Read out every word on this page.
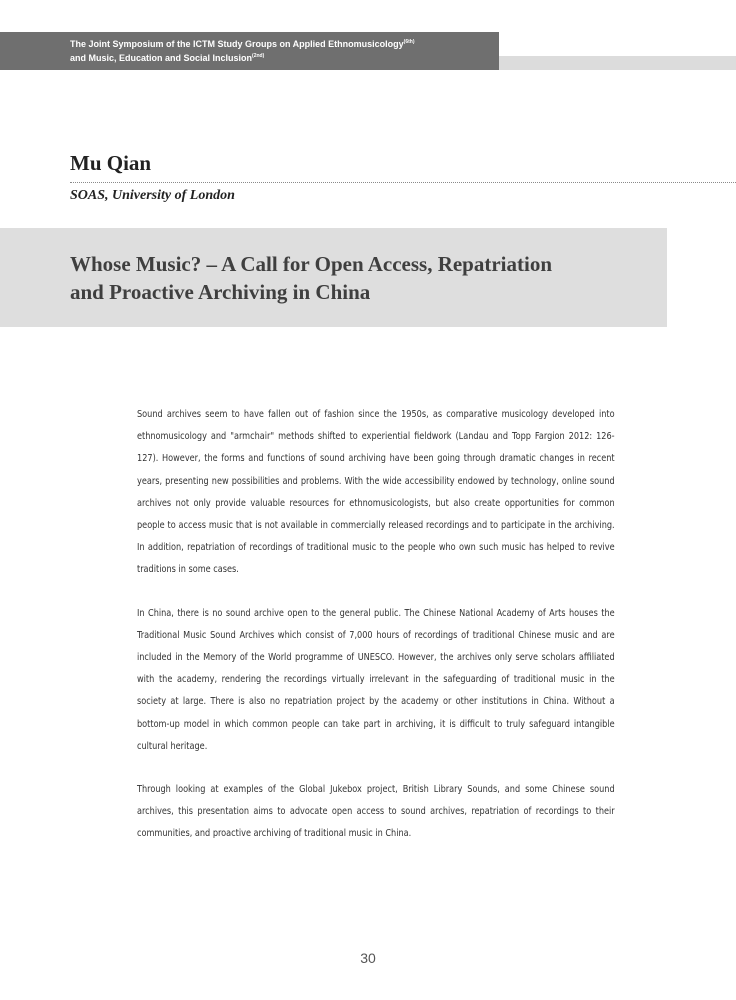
The Joint Symposium of the ICTM Study Groups on Applied Ethnomusicology$^{(6th)}$
and Music, Education and Social Inclusion$^{(2nd)}$
Mu Qian
SOAS, University of London
Whose Music? – A Call for Open Access, Repatriation
and Proactive Archiving in China

Sound archives seem to have fallen out of fashion since the 1950s, as comparative musicology developed into ethnomusicology and "armchair" methods shifted to experiential fieldwork (Landau and Topp Fargion 2012: 126-127). However, the forms and functions of sound archiving have been going through dramatic changes in recent years, presenting new possibilities and problems. With the wide accessibility endowed by technology, online sound archives not only provide valuable resources for ethnomusicologists, but also create opportunities for common people to access music that is not available in commercially released recordings and to participate in the archiving. In addition, repatriation of recordings of traditional music to the people who own such music has helped to revive traditions in some cases.

In China, there is no sound archive open to the general public. The Chinese National Academy of Arts houses the Traditional Music Sound Archives which consist of 7,000 hours of recordings of traditional Chinese music and are included in the Memory of the World programme of UNESCO. However, the archives only serve scholars affiliated with the academy, rendering the recordings virtually irrelevant in the safeguarding of traditional music in the society at large. There is also no repatriation project by the academy or other institutions in China. Without a bottom-up model in which common people can take part in archiving, it is difficult to truly safeguard intangible cultural heritage.

Through looking at examples of the Global Jukebox project, British Library Sounds, and some Chinese sound archives, this presentation aims to advocate open access to sound archives, repatriation of recordings to their communities, and proactive archiving of traditional music in China.

30
